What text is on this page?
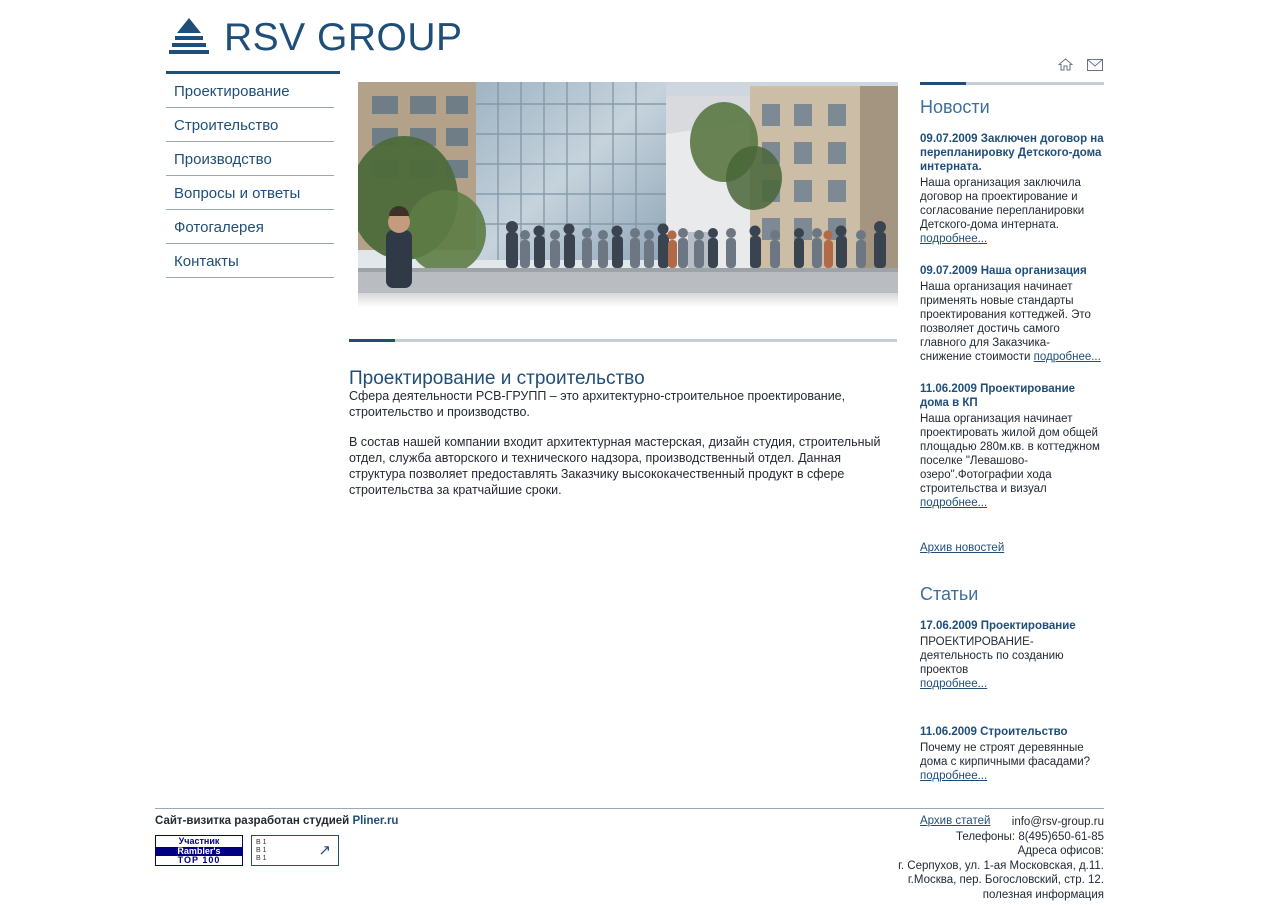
RSV GROUP
Проектирование
Строительство
Производство
Вопросы и ответы
Фотогалерея
Контакты
Проектирование и строительство

Сфера деятельности РСВ-ГРУПП – это архитектурно-строительное проектирование, строительство и производство.

В состав нашей компании входит архитектурная мастерская, дизайн студия, строительный отдел, служба авторского и технического надзора, производственный отдел. Данная структура позволяет предоставлять Заказчику высококачественный продукт в сфере строительства за кратчайшие сроки.

Новости
09.07.2009 Заключен договор на перепланировку Детского-дома интерната.
Наша организация заключила договор на проектирование и согласование перепланировки Детского-дома интерната.
подробнее...
09.07.2009 Наша организация
Наша организация начинает применять новые стандарты проектирования коттеджей. Это позволяет достичь самого главного для Заказчика- снижение стоимости подробнее...
11.06.2009 Проектирование дома в КП
Наша организация начинает проектировать жилой дом общей площадью 280м.кв. в коттеджном поселке "Левашово-озеро".Фотографии хода строительства и визуал
подробнее...
Архив новостей
Статьи
17.06.2009 Проектирование
ПРОЕКТИРОВАНИЕ- деятельность по созданию проектов
подробнее...
11.06.2009 Строительство
Почему не строят деревянные дома с кирпичными фасадами?
подробнее...
Архив статей
Сайт-визитка разработан студией Pliner.ru
Участник
Rambler's
TOP 100
В 1
В 1
В 1	↗
info@rsv-group.ru
Телефоны: 8(495)650-61-85
Адреса офисов:
г. Серпухов, ул. 1-ая Московская, д.11.
г.Москва, пер. Богословский, стр. 12.
полезная информация
